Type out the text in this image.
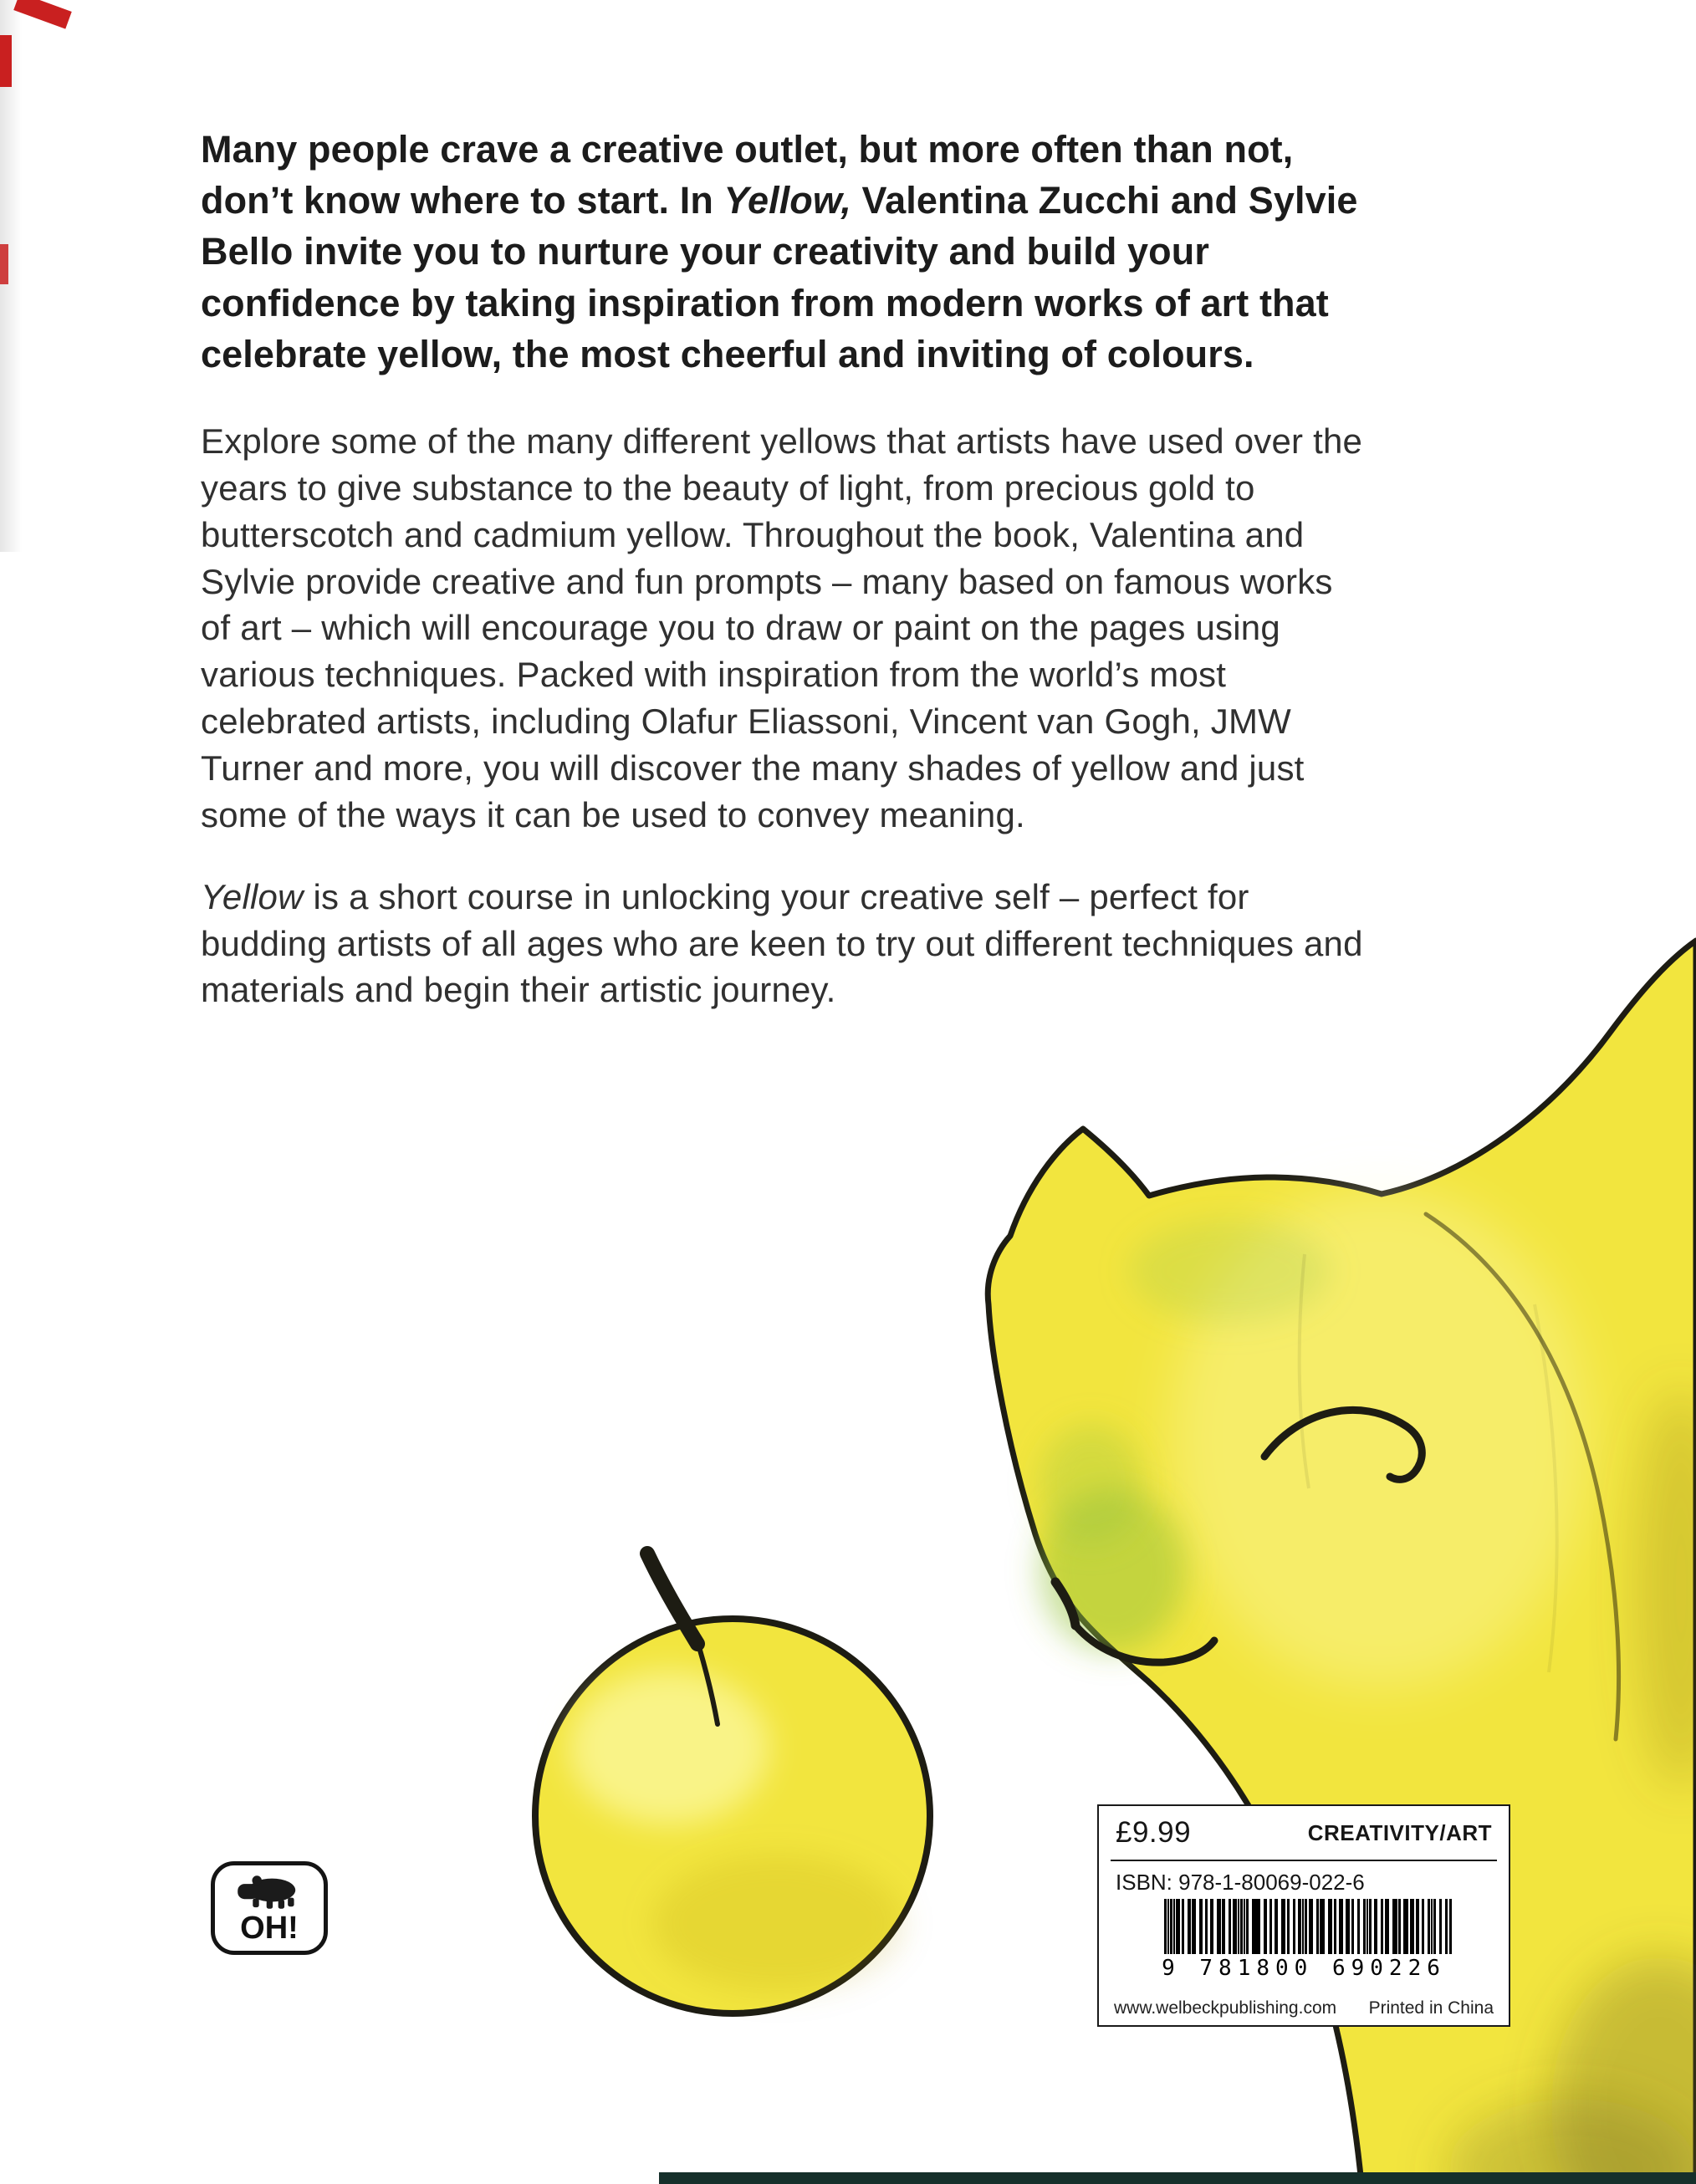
Many people crave a creative outlet, but more often than not, don’t know where to start. In Yellow, Valentina Zucchi and Sylvie Bello invite you to nurture your creativity and build your confidence by taking inspiration from modern works of art that celebrate yellow, the most cheerful and inviting of colours.

Explore some of the many different yellows that artists have used over the years to give substance to the beauty of light, from precious gold to butterscotch and cadmium yellow. Throughout the book, Valentina and Sylvie provide creative and fun prompts – many based on famous works of art – which will encourage you to draw or paint on the pages using various techniques. Packed with inspiration from the world’s most celebrated artists, including Olafur Eliassoni, Vincent van Gogh, JMW Turner and more, you will discover the many shades of yellow and just some of the ways it can be used to convey meaning.

Yellow is a short course in unlocking your creative self – perfect for budding artists of all ages who are keen to try out different techniques and materials and begin their artistic journey.

OH!
£9.99	CREATIVITY/ART
ISBN: 978-1-80069-022-6
9 781800 690226
www.welbeckpublishing.com Printed in China
